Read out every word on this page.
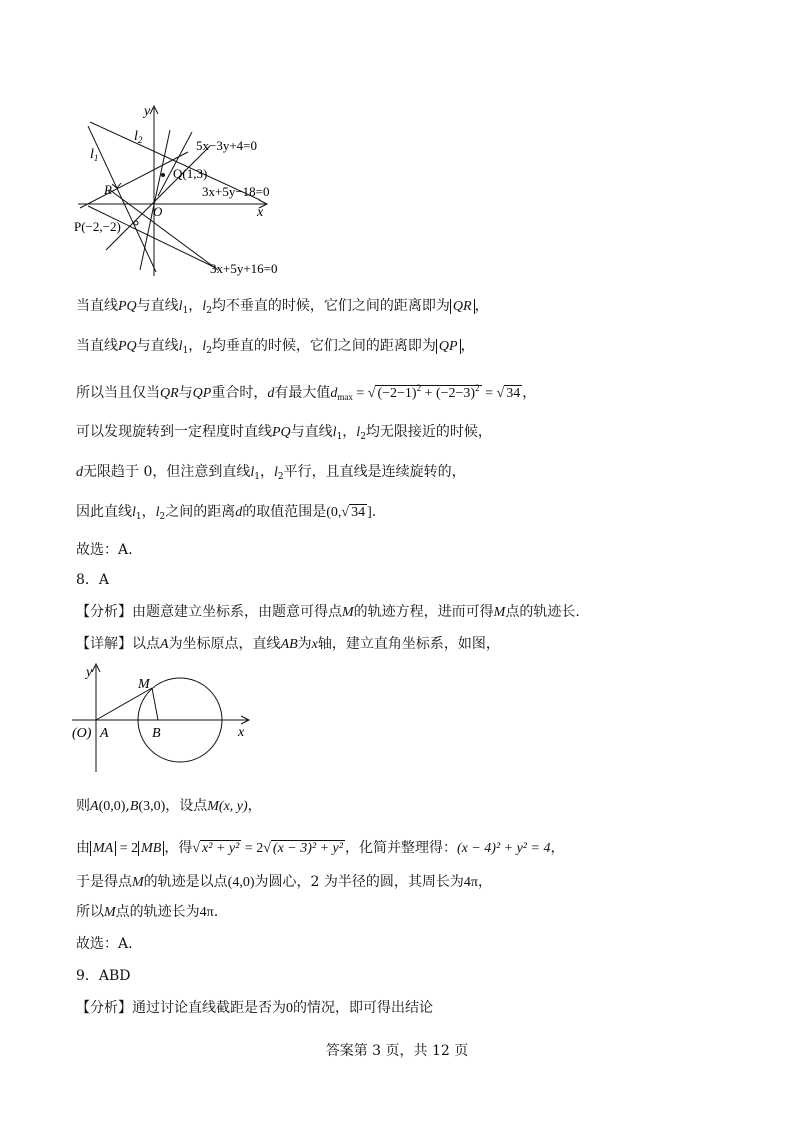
y
x
$l_2$
$l_1$
5x−3y+4=0
Q(1,3)
3x+5y−18=0
R
O
P(−2,−2)
3x+5y+16=0
当直线PQ与直线$l_1$，$l_2$均不垂直的时候，它们之间的距离即为 QR ，
当直线PQ与直线$l_1$，$l_2$均垂直的时候，它们之间的距离即为 QP ，
所以当且仅当QR与QP重合时，d有最大值$d_{max}$ = √ $(-2-1)^2 + (-2-3)^2$ = √ 34 ，
可以发现旋转到一定程度时直线PQ与直线$l_1$，$l_2$均无限接近的时候，
d无限趋于 0，但注意到直线$l_1$，$l_2$平行，且直线是连续旋转的，
因此直线$l_1$，$l_2$之间的距离d的取值范围是(0,√ 34 ].
故选：A.
8．A
【分析】由题意建立坐标系，由题意可得点M的轨迹方程，进而可得M点的轨迹长.
【详解】以点A为坐标原点，直线AB为x轴，建立直角坐标系，如图，
y
x
M
(O) A	B
则A(0,0),B(3,0)，设点M(x, y)，
由 MA = 2 MB ，得√ x² + y² = 2√ (x − 3)² + y² ，化简并整理得：(x − 4)² + y² = 4，
于是得点M的轨迹是以点(4,0)为圆心，2 为半径的圆，其周长为4π，
所以M点的轨迹长为4π.
故选：A.
9．ABD
【分析】通过讨论直线截距是否为0的情况，即可得出结论
答案第 3 页，共 12 页
